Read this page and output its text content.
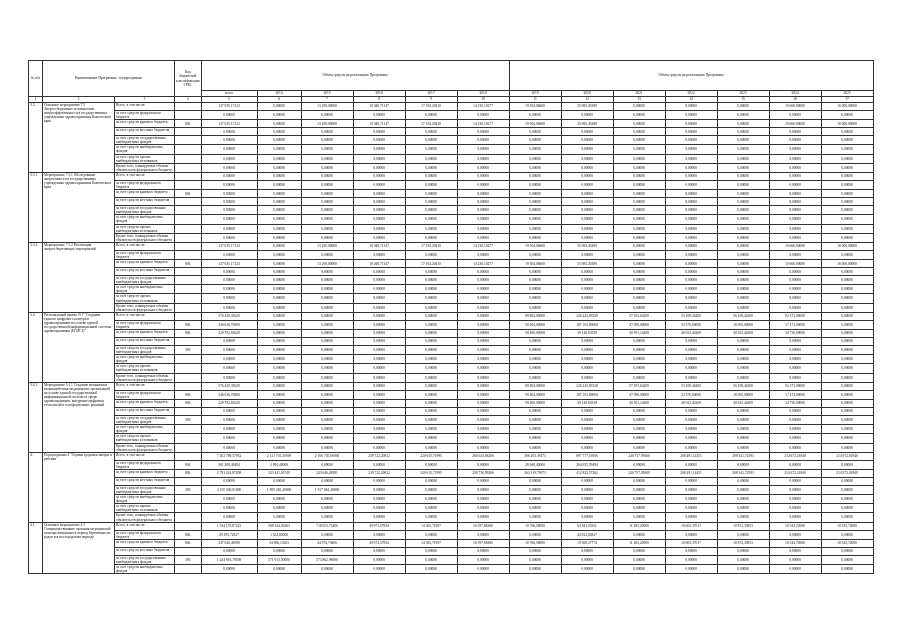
№ п/п	Наименование Программы / подпрограммы		Код бюджетной классификации ГРБС	Объем средств на реализацию Программы						Объем средств на реализацию Программы						
				всего	2014	2015	2016	2017	2018	2019	2020	2021	2022	2023	2024	2025
1	2	3	4	5	6	7	8	9	10	11	12	13	14	15	16	17
3.3.	Основное мероприятие 7.5 Энергосбережение и повышение энергоэффективности в государственных учреждениях здравоохранения Камчатского края	Всего, в том числе:		137 035,17123	0,00000	13 290,00000	10 040,71147	17 192,20410	14 230,10277	19 504,06600	35 983,45389	0,00000	0,00000	0,00000	10 660,00000	16 000,00000
		за счет средств федерального бюджета		0,00000	0,00000	0,00000	0,00000	0,00000	0,00000	0,00000	0,00000	0,00000	0,00000	0,00000	0,00000	0,00000
		за счет средств краевого бюджета	804	137 035,17123	0,00000	13 290,00000	10 040,71147	17 192,20410	14 230,10277	19 504,06600	35 983,45389	0,00000	0,00000	0,00000	10 660,00000	16 000,00000
		за счет средств местных бюджетов		0,00000	0,00000	0,00000	0,00000	0,00000	0,00000	0,00000	0,00000	0,00000	0,00000	0,00000	0,00000	0,00000
		за счет средств государственных внебюджетных фондов		0,00000	0,00000	0,00000	0,00000	0,00000	0,00000	0,00000	0,00000	0,00000	0,00000	0,00000	0,00000	0,00000
		за счет средств внебюджетных фондов		0,00000	0,00000	0,00000	0,00000	0,00000	0,00000	0,00000	0,00000	0,00000	0,00000	0,00000	0,00000	0,00000
		за счет средств прочих внебюджетных источников		0,00000	0,00000	0,00000	0,00000	0,00000	0,00000	0,00000	0,00000	0,00000	0,00000	0,00000	0,00000	0,00000
		Кроме того, планируемые объемы обязательств федерального бюджета		0,00000	0,00000	0,00000	0,00000	0,00000	0,00000	0,00000	0,00000	0,00000	0,00000	0,00000	0,00000	0,00000
3.3.1.	Мероприятие 7.5.1 Обследование энергоемкости в государственных учреждениях здравоохранения Камчатского края	Всего, в том числе:		0,00000	0,00000	0,00000	0,00000	0,00000	0,00000	0,00000	0,00000	0,00000	0,00000	0,00000	0,00000	0,00000
		за счет средств федерального бюджета		0,00000	0,00000	0,00000	0,00000	0,00000	0,00000	0,00000	0,00000	0,00000	0,00000	0,00000	0,00000	0,00000
		за счет средств краевого бюджета	804	0,00000	0,00000	0,00000	0,00000	0,00000	0,00000	0,00000	0,00000	0,00000	0,00000	0,00000	0,00000	0,00000
		за счет средств местных бюджетов		0,00000	0,00000	0,00000	0,00000	0,00000	0,00000	0,00000	0,00000	0,00000	0,00000	0,00000	0,00000	0,00000
		за счет средств государственных внебюджетных фондов		0,00000	0,00000	0,00000	0,00000	0,00000	0,00000	0,00000	0,00000	0,00000	0,00000	0,00000	0,00000	0,00000
		за счет средств внебюджетных фондов		0,00000	0,00000	0,00000	0,00000	0,00000	0,00000	0,00000	0,00000	0,00000	0,00000	0,00000	0,00000	0,00000
		за счет средств прочих внебюджетных источников		0,00000	0,00000	0,00000	0,00000	0,00000	0,00000	0,00000	0,00000	0,00000	0,00000	0,00000	0,00000	0,00000
		Кроме того, планируемые объемы обязательств федерального бюджета		0,00000	0,00000	0,00000	0,00000	0,00000	0,00000	0,00000	0,00000	0,00000	0,00000	0,00000	0,00000	0,00000
3.3.2.	Мероприятие 7.5.2 Реализация энергосберегающих мероприятий	Всего, в том числе:		137 035,17123	0,00000	13 290,00000	10 040,71147	17 192,20410	14 230,10277	19 504,06600	35 983,45389	0,00000	0,00000	0,00000	10 660,00000	16 000,00000
		за счет средств федерального бюджета		0,00000	0,00000	0,00000	0,00000	0,00000	0,00000	0,00000	0,00000	0,00000	0,00000	0,00000	0,00000	0,00000
		за счет средств краевого бюджета	804	137 035,17123	0,00000	13 290,00000	10 040,71147	17 192,20410	14 230,10277	19 504,06600	35 983,45389	0,00000	0,00000	0,00000	10 660,00000	16 000,00000
		за счет средств местных бюджетов		0,00000	0,00000	0,00000	0,00000	0,00000	0,00000	0,00000	0,00000	0,00000	0,00000	0,00000	0,00000	0,00000
		за счет средств государственных внебюджетных фондов		0,00000	0,00000	0,00000	0,00000	0,00000	0,00000	0,00000	0,00000	0,00000	0,00000	0,00000	0,00000	0,00000
		за счет средств внебюджетных фондов		0,00000	0,00000	0,00000	0,00000	0,00000	0,00000	0,00000	0,00000	0,00000	0,00000	0,00000	0,00000	0,00000
		за счет средств прочих внебюджетных источников		0,00000	0,00000	0,00000	0,00000	0,00000	0,00000	0,00000	0,00000	0,00000	0,00000	0,00000	0,00000	0,00000
		Кроме того, планируемые объемы обязательств федерального бюджета		0,00000	0,00000	0,00000	0,00000	0,00000	0,00000	0,00000	0,00000	0,00000	0,00000	0,00000	0,00000	0,00000
3.4.	Региональный проект N 7 "Создание единого цифрового контура в здравоохранении на основе единой государственной информационной системы здравоохранения (ЕГИСЗ)"	Всего, в том числе:		576 429,35629	0,00000	0,00000	0,00000	0,00000	0,00000	90 804,00000	226 243,83528	57 591,64200	53 108,44200	56 108,44200	92 573,00000	0,00000
		за счет средств федерального бюджета	804	346 636,70000	0,00000	0,00000	0,00000	0,00000	0,00000	58 404,00000	187 103,00000	47 090,00000	23 570,00000	16 093,00000	17 472,00000	0,00000
		за счет средств краевого бюджета	804	229 792,65629	0,00000	0,00000	0,00000	0,00000	0,00000	58 400,00000	39 140,83528	40 501,14200	40 023,44200	40 023,44200	34 730,00000	0,00000
		за счет средств местных бюджетов		0,00000	0,00000	0,00000	0,00000	0,00000	0,00000	0,00000	0,00000	0,00000	0,00000	0,00000	0,00000	0,00000
		за счет средств государственных внебюджетных фондов	395	0,00000	0,00000	0,00000	0,00000	0,00000	0,00000	0,00000	0,00000	0,00000	0,00000	0,00000	0,00000	0,00000
		за счет средств внебюджетных фондов		0,00000	0,00000	0,00000	0,00000	0,00000	0,00000	0,00000	0,00000	0,00000	0,00000	0,00000	0,00000	0,00000
		за счет средств прочих внебюджетных источников		0,00000	0,00000	0,00000	0,00000	0,00000	0,00000	0,00000	0,00000	0,00000	0,00000	0,00000	0,00000	0,00000
		Кроме того, планируемые объемы обязательств федерального бюджета		0,00000	0,00000	0,00000	0,00000	0,00000	0,00000	0,00000	0,00000	0,00000	0,00000	0,00000	0,00000	0,00000
3.4.1.	Мероприятие 3.4.1 Создание механизмов взаимодействия медицинских организаций на основе единой государственной информационной системы в сфере здравоохранения, внедрение цифровых технологий и платформенных решений	Всего, в том числе:		576 429,35629	0,00000	0,00000	0,00000	0,00000	0,00000	90 804,00000	226 243,83528	57 591,64200	53 108,44200	56 108,44200	92 573,00000	0,00000
		за счет средств федерального бюджета	804	346 636,70000	0,00000	0,00000	0,00000	0,00000	0,00000	58 404,00000	187 103,00000	47 090,00000	23 570,00000	16 093,00000	17 472,00000	0,00000
		за счет средств краевого бюджета	804	229 792,65629	0,00000	0,00000	0,00000	0,00000	0,00000	58 400,00000	39 140,83528	40 501,14200	40 023,44200	40 023,44200	34 730,00000	0,00000
		за счет средств местных бюджетов		0,00000	0,00000	0,00000	0,00000	0,00000	0,00000	0,00000	0,00000	0,00000	0,00000	0,00000	0,00000	0,00000
		за счет средств государственных внебюджетных фондов	395	0,00000	0,00000	0,00000	0,00000	0,00000	0,00000	0,00000	0,00000	0,00000	0,00000	0,00000	0,00000	0,00000
		за счет средств внебюджетных фондов		0,00000	0,00000	0,00000	0,00000	0,00000	0,00000	0,00000	0,00000	0,00000	0,00000	0,00000	0,00000	0,00000
		за счет средств прочих внебюджетных источников		0,00000	0,00000	0,00000	0,00000	0,00000	0,00000	0,00000	0,00000	0,00000	0,00000	0,00000	0,00000	0,00000
		Кроме того, планируемые объемы обязательств федерального бюджета		0,00000	0,00000	0,00000	0,00000	0,00000	0,00000	0,00000	0,00000	0,00000	0,00000	0,00000	0,00000	0,00000
4.	Подпрограмма 4 "Охрана здоровья матери и ребенка"	Всего, в том числе:		7 302 789,37952	2 121 701,30590	2 160 705,66930	239 722,20812	220 615,71995	266 024,06206	306 203,39473	697 777,16956	240 757,95600	208 491,14451	208 341,72593	214 672,21840	214 972,01840
		за счет средств федерального бюджета	804	361 209,49494	2 994,40000	0,00000	0,00000	0,00000	0,00000	28 468,40000	264 655,59494	0,00000	0,00000	0,00000	0,00000	0,00000
		за счет средств краевого бюджета	804	2 791 241,87458	223 441,50740	243 646,28381	239 722,20812	220 615,71995	259 736,99286	263 319,79073	412 823,57262	240 757,95600	208 491,14451	208 341,72593	214 672,21840	214 972,01840
		за счет средств местных бюджетов		0,00000	0,00000	0,00000	0,00000	0,00000	0,00000	0,00000	0,00000	0,00000	0,00000	0,00000	0,00000	0,00000
		за счет средств государственных внебюджетных фондов	395	4 150 340,01000	1 895 265,40000	1 917 061,48000	0,00000	0,00000	0,00000	0,00000	0,00000	0,00000	0,00000	0,00000	0,00000	0,00000
		за счет средств внебюджетных фондов		0,00000	0,00000	0,00000	0,00000	0,00000	0,00000	0,00000	0,00000	0,00000	0,00000	0,00000	0,00000	0,00000
		за счет средств прочих внебюджетных источников		0,00000	0,00000	0,00000	0,00000	0,00000	0,00000	0,00000	0,00000	0,00000	0,00000	0,00000	0,00000	0,00000
		Кроме того, планируемые объемы обязательств федерального бюджета		0,00000	0,00000	0,00000	0,00000	0,00000	0,00000	0,00000	0,00000	0,00000	0,00000	0,00000	0,00000	0,00000
4.1.	Основное мероприятие 4.1 Совершенствование оказания медицинской помощи женщинам в период беременности, родов и в послеродовом периоде	Всего, в том числе:		1 534 179,87225	508 244,43363	718 053,73406	49 972,57834	14 365,71997	16 597,86380	10 766,58000	63 541,25811	11 283,20000	10 605,37017	10 872,35853	10 543,72000	10 543,72000
		за счет средств федерального бюджета	804	49 495,72827	1 524,80000	0,00000	0,00000	0,00000	0,00000	0,00000	44 032,82827	0,00000	0,00000	0,00000	0,00000	0,00000
		за счет средств краевого бюджета	804	247 646,45090	34 806,13303	44 974,79406	49 972,57834	14 365,71997	16 597,86380	10 766,58000	19 508,27774	11 283,20000	10 605,37017	10 872,35853	10 543,72000	10 543,72000
		за счет средств местных бюджетов		0,00000	0,00000	0,00000	0,00000	0,00000	0,00000	0,00000	0,00000	0,00000	0,00000	0,00000	0,00000	0,00000
		за счет средств государственных внебюджетных фондов	395	1 244 816,78508	571 913,50000	573 862,98000	0,00000	0,00000	0,00000	0,00000	0,00000	0,00000	0,00000	0,00000	0,00000	0,00000
		за счет средств внебюджетных фондов		0,00000	0,00000	0,00000	0,00000	0,00000	0,00000	0,00000	0,00000	0,00000	0,00000	0,00000	0,00000	0,00000
